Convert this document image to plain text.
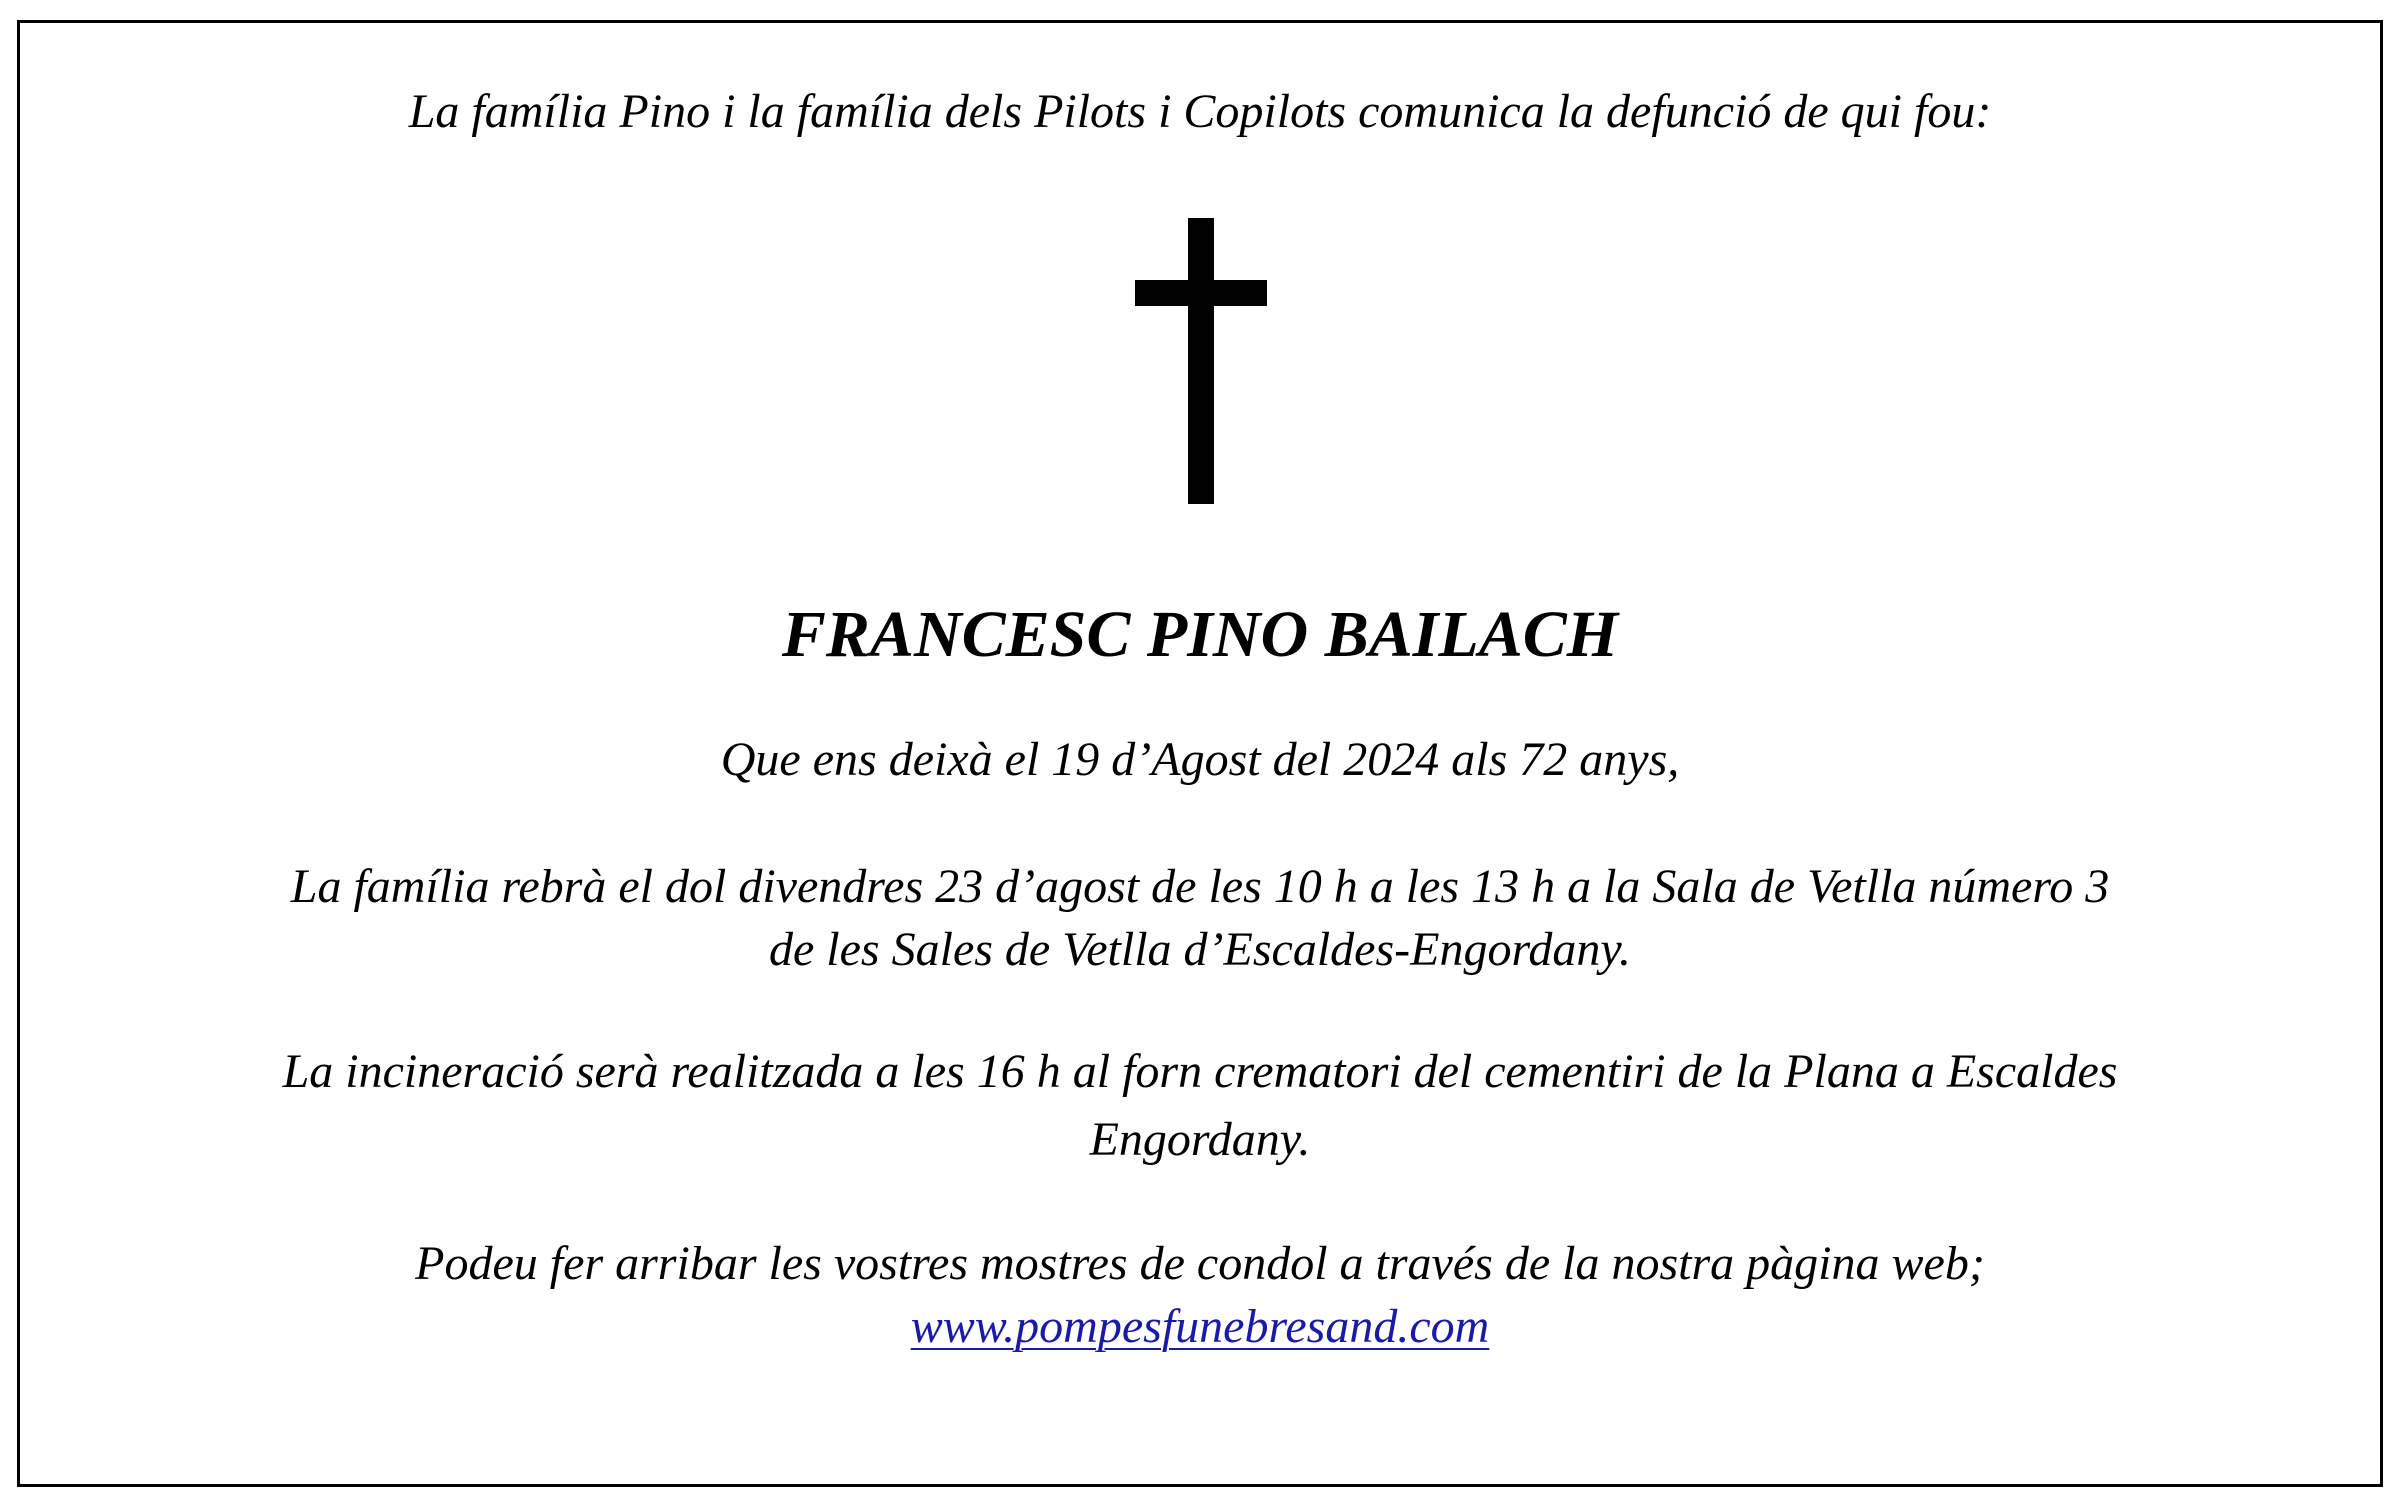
La família Pino i la família dels Pilots i Copilots comunica la defunció de qui fou:
FRANCESC PINO BAILACH
Que ens deixà el 19 d’Agost del 2024 als 72 anys,
La família rebrà el dol divendres 23 d’agost de les 10 h a les 13 h a la Sala de Vetlla número 3
de les Sales de Vetlla d’Escaldes-Engordany.
La incineració serà realitzada a les 16 h al forn crematori del cementiri de la Plana a Escaldes
Engordany.
Podeu fer arribar les vostres mostres de condol a través de la nostra pàgina web;
www.pompesfunebresand.com
